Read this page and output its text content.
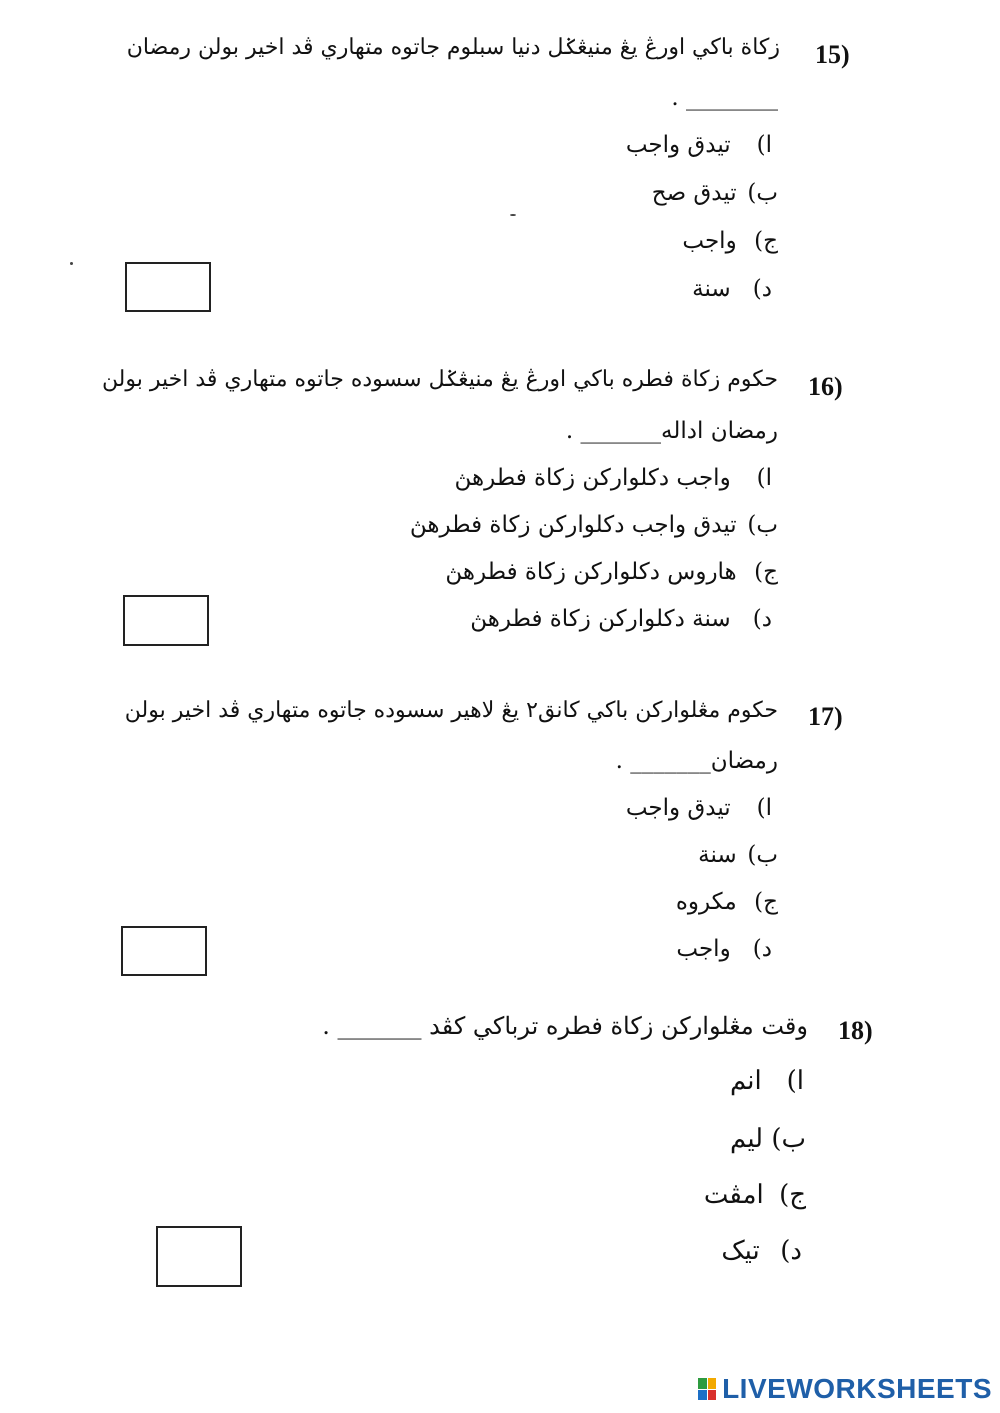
15)
زكاة باكي اورڠ يڠ منيڠݢل دنيا سبلوم جاتوه متهاري ڤد اخير بولن رمضان
________ .
ا) تيدق واجب
ب) تيدق صح
ج) واجب
د) سنة
16)
حكوم زكاة فطره باكي اورڠ يڠ منيڠݢل سسوده جاتوه متهاري ڤد اخير بولن
رمضان اداله_______ .
ا) واجب دكلواركن زكاة فطرهڽ
ب) تيدق واجب دكلواركن زكاة فطرهڽ
ج) هاروس دكلواركن زكاة فطرهڽ
د) سنة دكلواركن زكاة فطرهڽ
17)
حكوم مڠلواركن باكي كانق٢ يڠ لاهير سسوده جاتوه متهاري ڤد اخير بولن
رمضان_______ .
ا) تيدق واجب
ب) سنة
ج) مكروه
د) واجب
18)
وقت مڠلواركن زكاة فطره ترباكي كڤد _______ .
ا) انم
ب) ليم
ج) امڤت
د) تيک
LIVEWORKSHEETS
